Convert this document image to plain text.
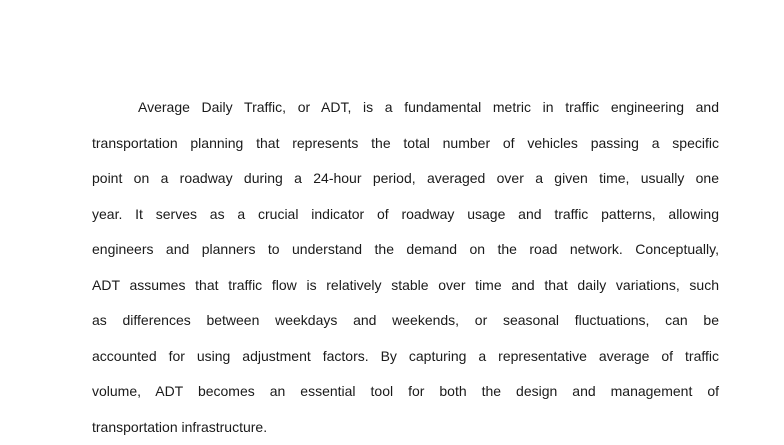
Average Daily Traffic, or ADT, is a fundamental metric in traffic engineering and
transportation planning that represents the total number of vehicles passing a specific
point on a roadway during a 24-hour period, averaged over a given time, usually one
year. It serves as a crucial indicator of roadway usage and traffic patterns, allowing
engineers and planners to understand the demand on the road network. Conceptually,
ADT assumes that traffic flow is relatively stable over time and that daily variations, such
as differences between weekdays and weekends, or seasonal fluctuations, can be
accounted for using adjustment factors. By capturing a representative average of traffic
volume, ADT becomes an essential tool for both the design and management of
transportation infrastructure.
